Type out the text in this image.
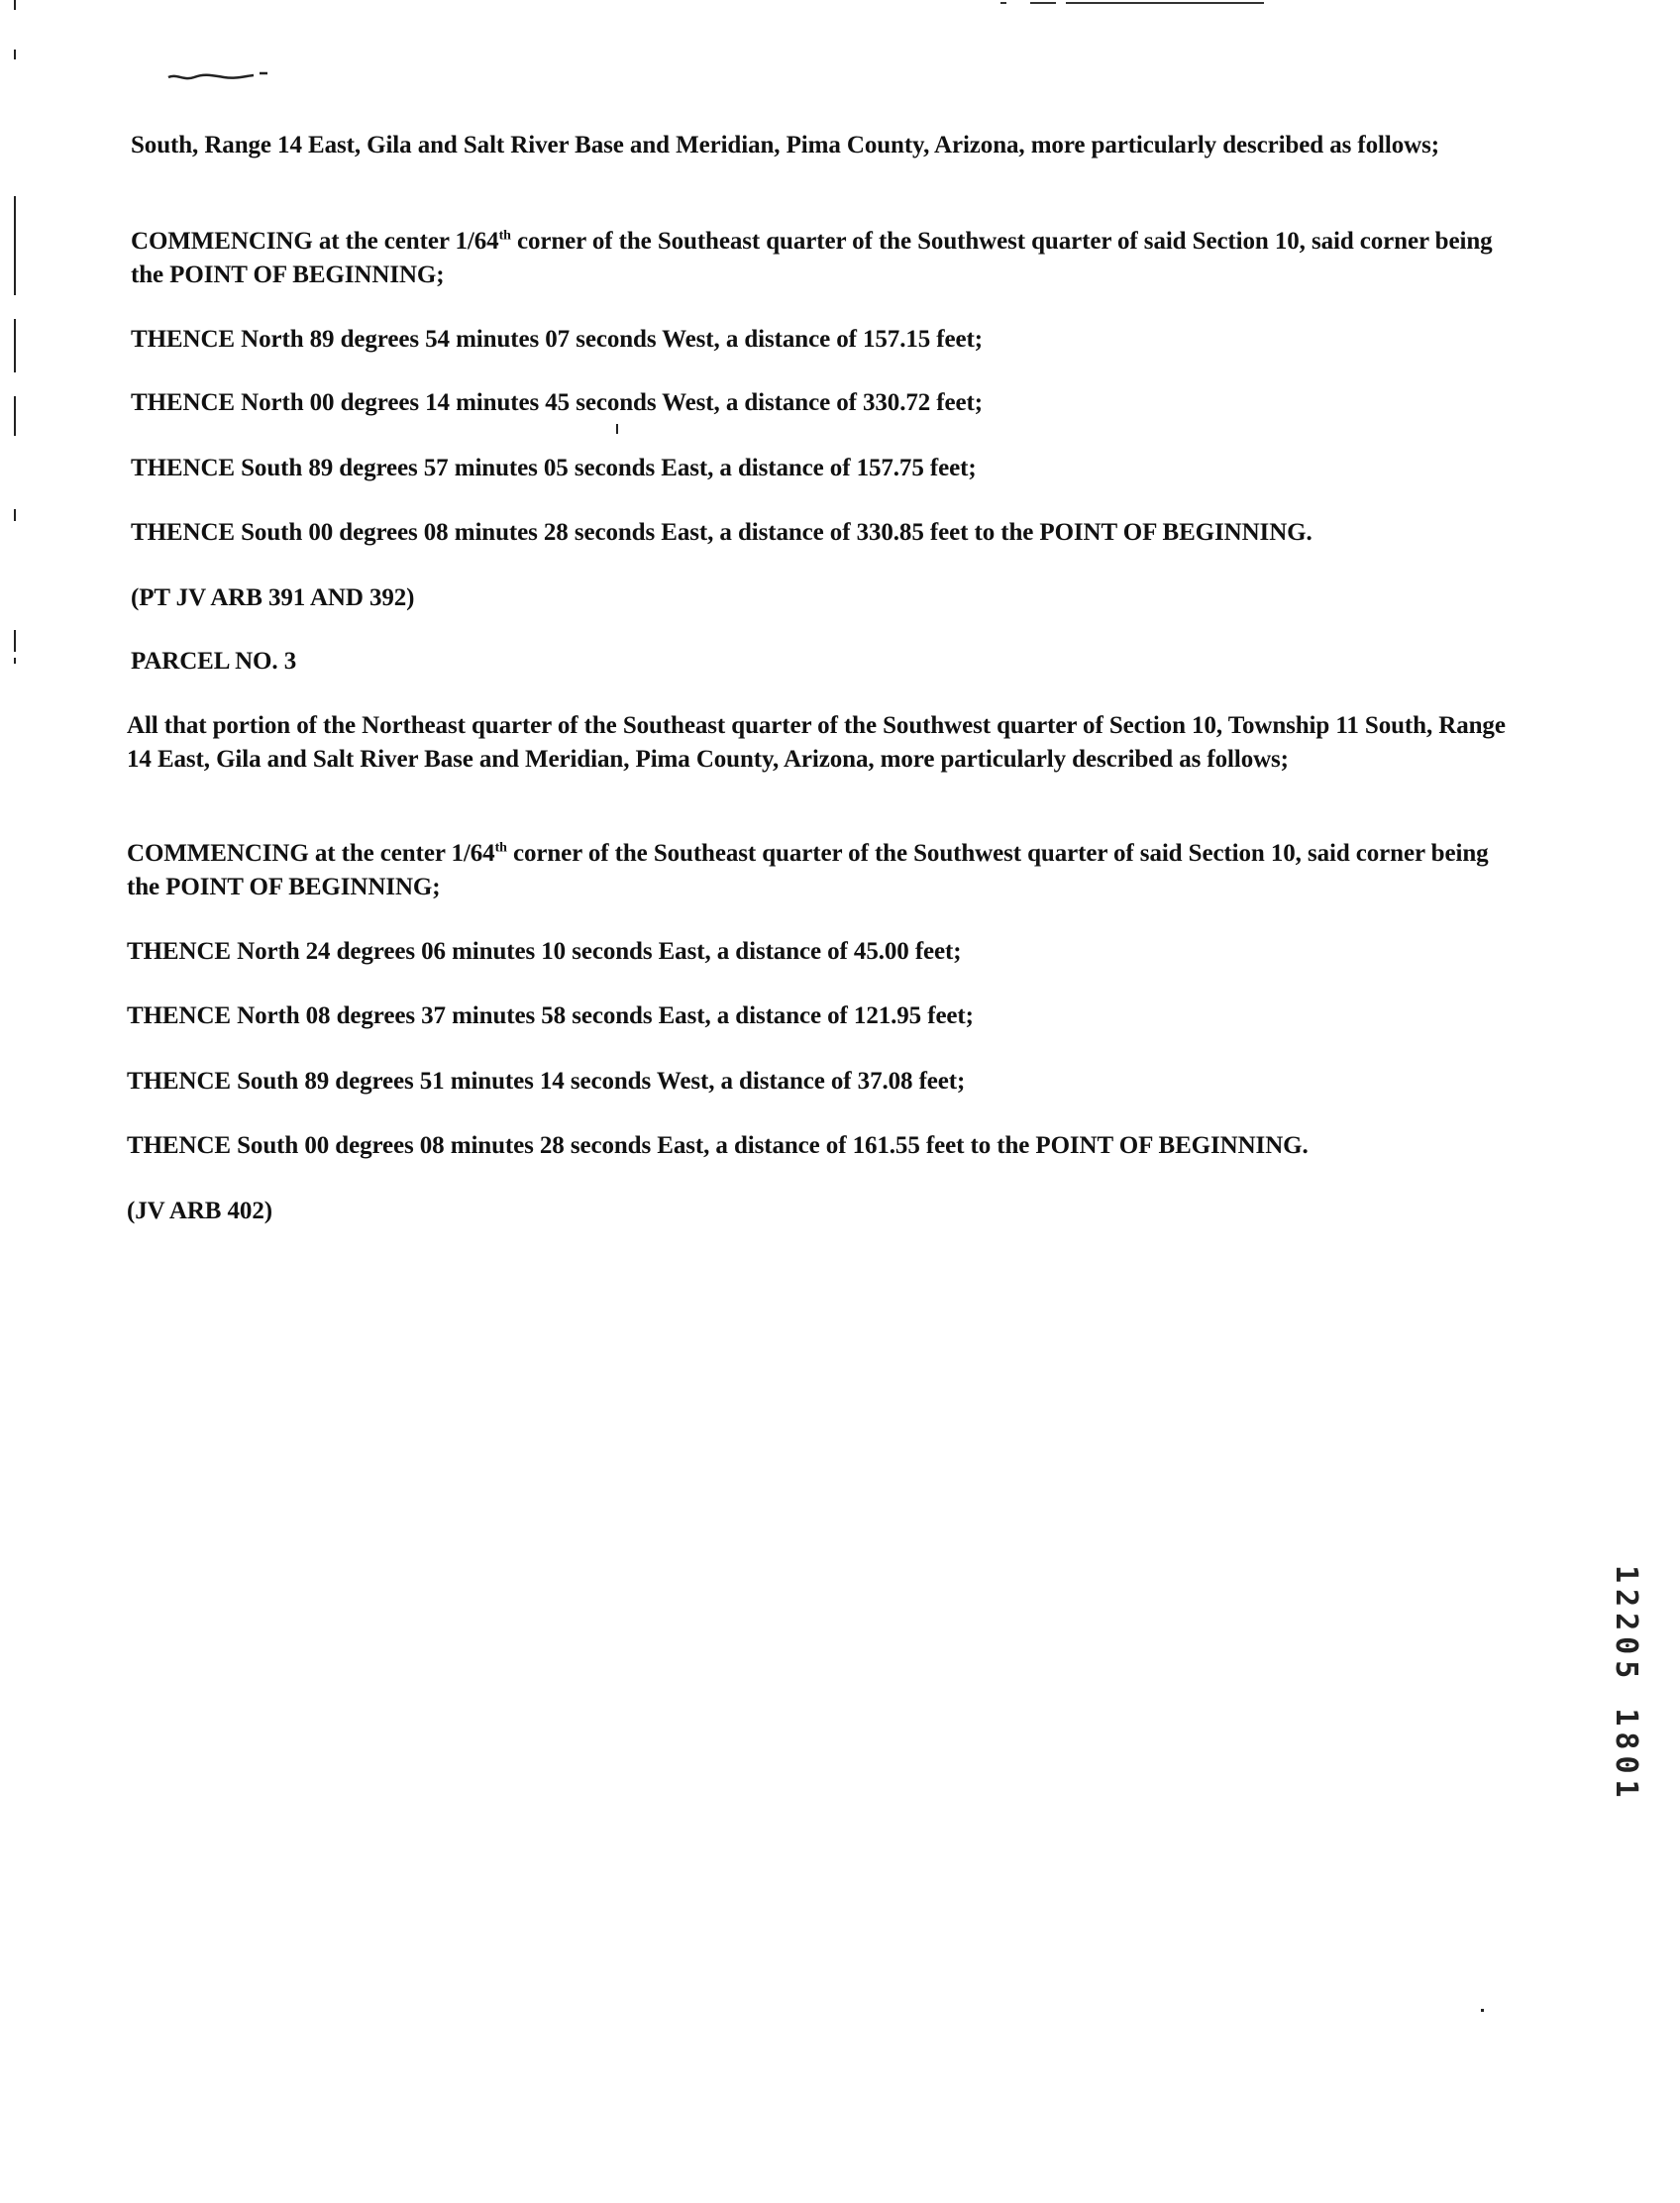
South, Range 14 East, Gila and Salt River Base and Meridian, Pima County, Arizona, more particularly described as follows;

COMMENCING at the center 1/64th corner of the Southeast quarter of the Southwest quarter of said Section 10, said corner being the POINT OF BEGINNING;

THENCE North 89 degrees 54 minutes 07 seconds West, a distance of 157.15 feet;

THENCE North 00 degrees 14 minutes 45 seconds West, a distance of 330.72 feet;

THENCE South 89 degrees 57 minutes 05 seconds East, a distance of 157.75 feet;

THENCE South 00 degrees 08 minutes 28 seconds East, a distance of 330.85 feet to the POINT OF BEGINNING.

(PT JV ARB 391 AND 392)

PARCEL NO. 3

All that portion of the Northeast quarter of the Southeast quarter of the Southwest quarter of Section 10, Township 11 South, Range 14 East, Gila and Salt River Base and Meridian, Pima County, Arizona, more particularly described as follows;

COMMENCING at the center 1/64th corner of the Southeast quarter of the Southwest quarter of said Section 10, said corner being the POINT OF BEGINNING;

THENCE North 24 degrees 06 minutes 10 seconds East, a distance of 45.00 feet;

THENCE North 08 degrees 37 minutes 58 seconds East, a distance of 121.95 feet;

THENCE South 89 degrees 51 minutes 14 seconds West, a distance of 37.08 feet;

THENCE South 00 degrees 08 minutes 28 seconds East, a distance of 161.55 feet to the POINT OF BEGINNING.

(JV ARB 402)

12205 1801
